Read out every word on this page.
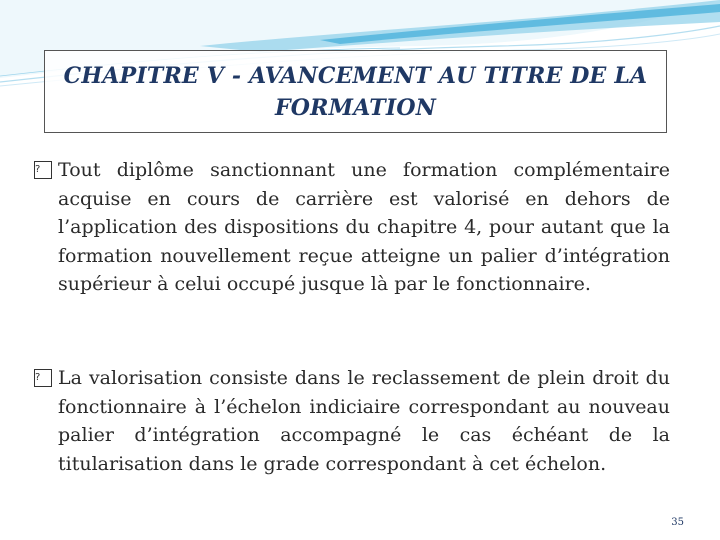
CHAPITRE V - AVANCEMENT AU TITRE DE LA FORMATION
? Tout diplôme sanctionnant une formation complémentaire acquise en cours de carrière est valorisé en dehors de l’application des dispositions du chapitre 4, pour autant que la formation nouvellement reçue atteigne un palier d’intégration supérieur à celui occupé jusque là par le fonctionnaire.
? La valorisation consiste dans le reclassement de plein droit du fonctionnaire à l’échelon indiciaire correspondant au nouveau palier d’intégration accompagné le cas échéant de la titularisation dans le grade correspondant à cet échelon.
35
